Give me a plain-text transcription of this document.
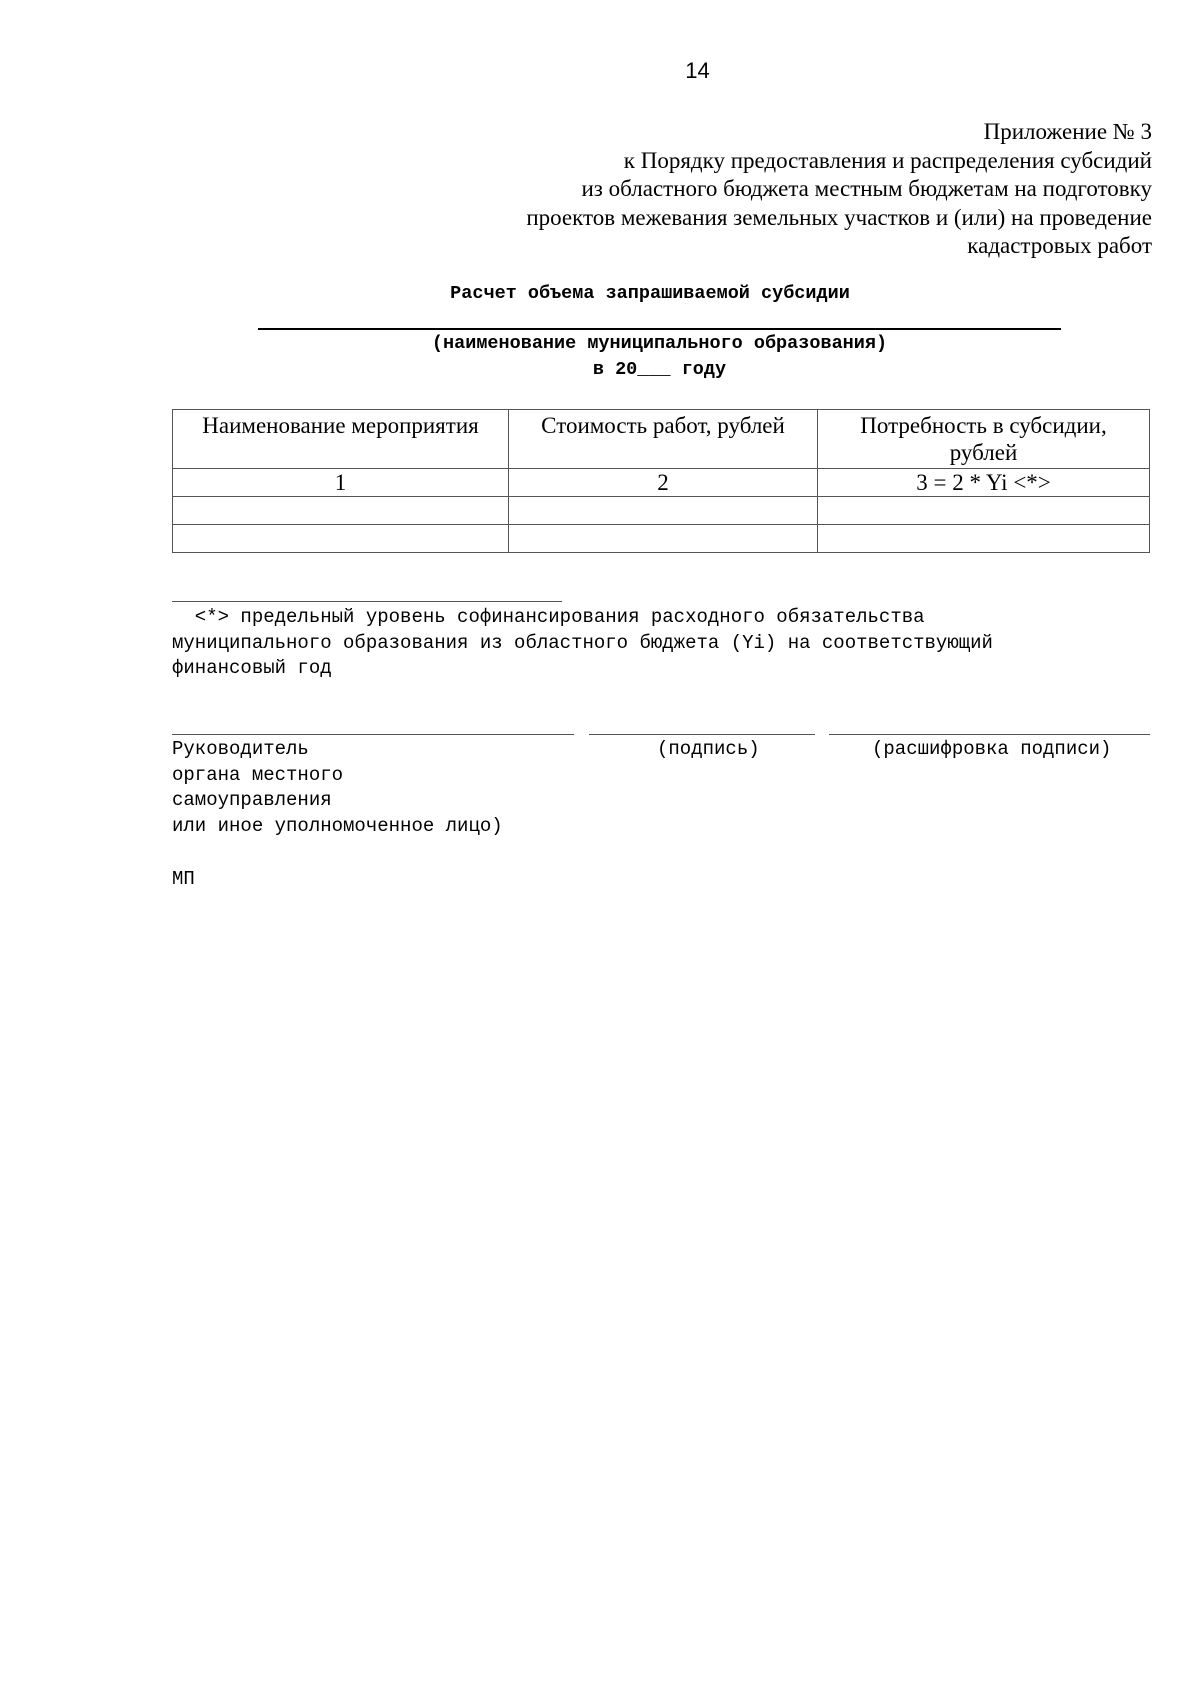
14
Приложение № 3
к Порядку предоставления и распределения субсидий
из областного бюджета местным бюджетам на подготовку
проектов межевания земельных участков и (или) на проведение
кадастровых работ
Расчет объема запрашиваемой субсидии
(наименование муниципального образования)
в 20___ году
Наименование мероприятия	Стоимость работ, рублей	Потребность в субсидии, рублей
1	2	3 = 2 * Yi <*>

<*> предельный уровень софинансирования расходного обязательства
муниципального образования из областного бюджета (Yi) на соответствующий
финансовый год
Руководитель
органа местного
самоуправления
или иное уполномоченное лицо)
(подпись)	(расшифровка подписи)
МП
